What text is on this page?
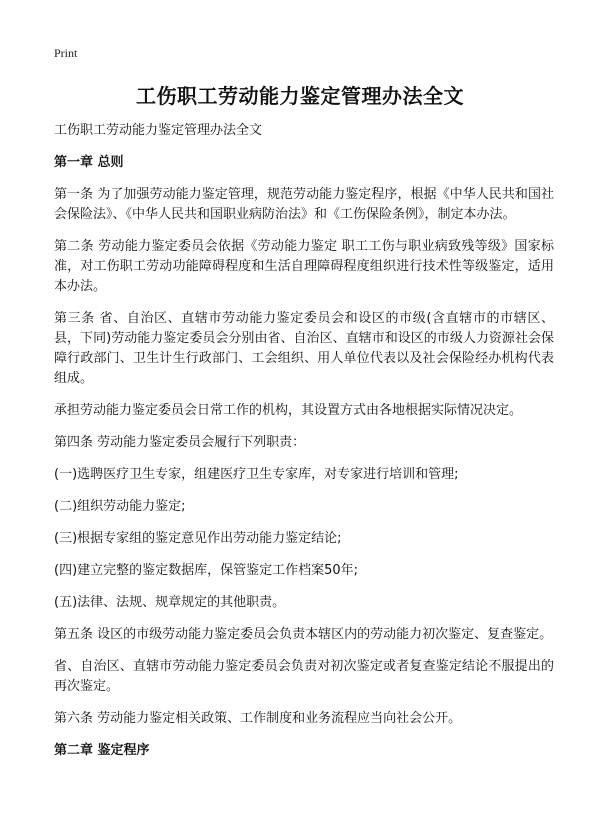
Print
工伤职工劳动能力鉴定管理办法全文

工伤职工劳动能力鉴定管理办法全文

第一章 总则

第一条 为了加强劳动能力鉴定管理，规范劳动能力鉴定程序，根据《中华人民共和国社会保险法》、《中华人民共和国职业病防治法》和《工伤保险条例》，制定本办法。

第二条 劳动能力鉴定委员会依据《劳动能力鉴定 职工工伤与职业病致残等级》国家标准，对工伤职工劳动功能障碍程度和生活自理障碍程度组织进行技术性等级鉴定，适用本办法。

第三条 省、自治区、直辖市劳动能力鉴定委员会和设区的市级(含直辖市的市辖区、县，下同)劳动能力鉴定委员会分别由省、自治区、直辖市和设区的市级人力资源社会保障行政部门、卫生计生行政部门、工会组织、用人单位代表以及社会保险经办机构代表组成。

承担劳动能力鉴定委员会日常工作的机构，其设置方式由各地根据实际情况决定。

第四条 劳动能力鉴定委员会履行下列职责：

(一)选聘医疗卫生专家，组建医疗卫生专家库，对专家进行培训和管理;

(二)组织劳动能力鉴定;

(三)根据专家组的鉴定意见作出劳动能力鉴定结论;

(四)建立完整的鉴定数据库，保管鉴定工作档案50年;

(五)法律、法规、规章规定的其他职责。

第五条 设区的市级劳动能力鉴定委员会负责本辖区内的劳动能力初次鉴定、复查鉴定。

省、自治区、直辖市劳动能力鉴定委员会负责对初次鉴定或者复查鉴定结论不服提出的再次鉴定。

第六条 劳动能力鉴定相关政策、工作制度和业务流程应当向社会公开。

第二章 鉴定程序
